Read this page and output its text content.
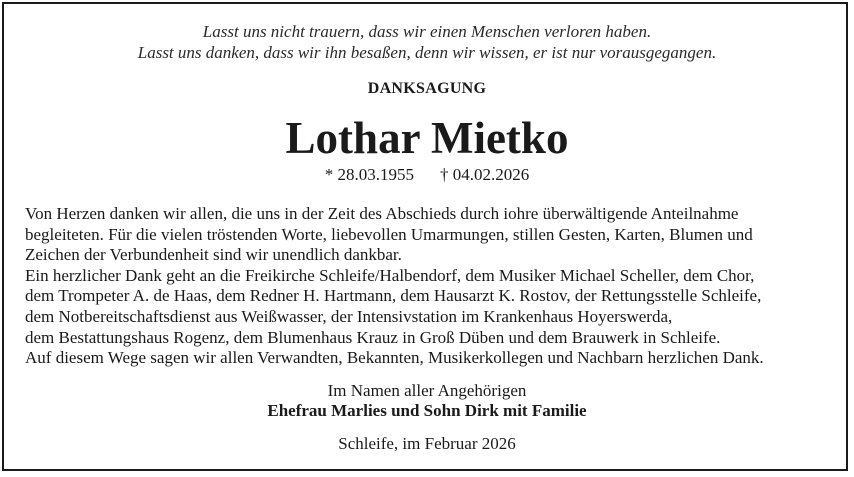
Lasst uns nicht trauern, dass wir einen Menschen verloren haben.
Lasst uns danken, dass wir ihn besaßen, denn wir wissen, er ist nur vorausgegangen.
DANKSAGUNG
Lothar Mietko
* 28.03.1955 † 04.02.2026
Von Herzen danken wir allen, die uns in der Zeit des Abschieds durch iohre überwältigende Anteilnahme
begleiteten. Für die vielen tröstenden Worte, liebevollen Umarmungen, stillen Gesten, Karten, Blumen und
Zeichen der Verbundenheit sind wir unendlich dankbar.
Ein herzlicher Dank geht an die Freikirche Schleife/Halbendorf, dem Musiker Michael Scheller, dem Chor,
dem Trompeter A. de Haas, dem Redner H. Hartmann, dem Hausarzt K. Rostov, der Rettungsstelle Schleife,
dem Notbereitschaftsdienst aus Weißwasser, der Intensivstation im Krankenhaus Hoyerswerda,
dem Bestattungshaus Rogenz, dem Blumenhaus Krauz in Groß Düben und dem Brauwerk in Schleife.
Auf diesem Wege sagen wir allen Verwandten, Bekannten, Musikerkollegen und Nachbarn herzlichen Dank.
Im Namen aller Angehörigen
Ehefrau Marlies und Sohn Dirk mit Familie
Schleife, im Februar 2026
